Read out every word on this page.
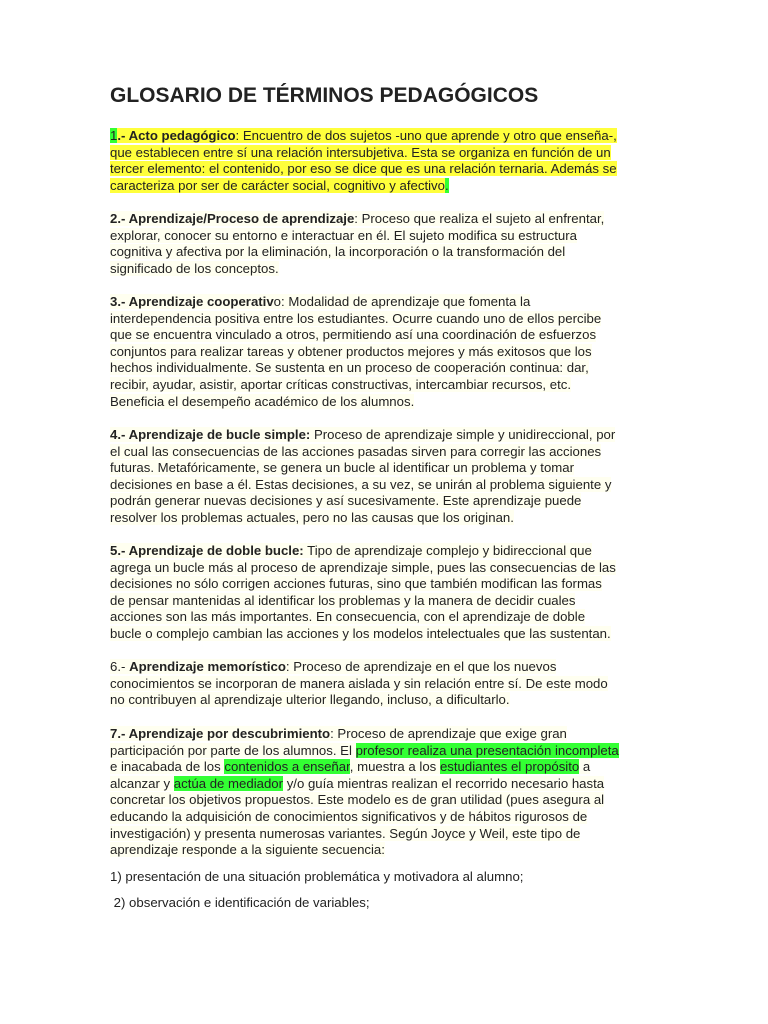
GLOSARIO DE TÉRMINOS PEDAGÓGICOS
1.- Acto pedagógico: Encuentro de dos sujetos -uno que aprende y otro que enseña-,
que establecen entre sí una relación intersubjetiva. Esta se organiza en función de un
tercer elemento: el contenido, por eso se dice que es una relación ternaria. Además se
caracteriza por ser de carácter social, cognitivo y afectivo.
2.- Aprendizaje/Proceso de aprendizaje: Proceso que realiza el sujeto al enfrentar,
explorar, conocer su entorno e interactuar en él. El sujeto modifica su estructura
cognitiva y afectiva por la eliminación, la incorporación o la transformación del
significado de los conceptos.
3.- Aprendizaje cooperativo: Modalidad de aprendizaje que fomenta la
interdependencia positiva entre los estudiantes. Ocurre cuando uno de ellos percibe
que se encuentra vinculado a otros, permitiendo así una coordinación de esfuerzos
conjuntos para realizar tareas y obtener productos mejores y más exitosos que los
hechos individualmente. Se sustenta en un proceso de cooperación continua: dar,
recibir, ayudar, asistir, aportar críticas constructivas, intercambiar recursos, etc.
Beneficia el desempeño académico de los alumnos.
4.- Aprendizaje de bucle simple: Proceso de aprendizaje simple y unidireccional, por
el cual las consecuencias de las acciones pasadas sirven para corregir las acciones
futuras. Metafóricamente, se genera un bucle al identificar un problema y tomar
decisiones en base a él. Estas decisiones, a su vez, se unirán al problema siguiente y
podrán generar nuevas decisiones y así sucesivamente. Este aprendizaje puede
resolver los problemas actuales, pero no las causas que los originan.
5.- Aprendizaje de doble bucle: Tipo de aprendizaje complejo y bidireccional que
agrega un bucle más al proceso de aprendizaje simple, pues las consecuencias de las
decisiones no sólo corrigen acciones futuras, sino que también modifican las formas
de pensar mantenidas al identificar los problemas y la manera de decidir cuales
acciones son las más importantes. En consecuencia, con el aprendizaje de doble
bucle o complejo cambian las acciones y los modelos intelectuales que las sustentan.
6.- Aprendizaje memorístico: Proceso de aprendizaje en el que los nuevos
conocimientos se incorporan de manera aislada y sin relación entre sí. De este modo
no contribuyen al aprendizaje ulterior llegando, incluso, a dificultarlo.
7.- Aprendizaje por descubrimiento: Proceso de aprendizaje que exige gran
participación por parte de los alumnos. El profesor realiza una presentación incompleta
e inacabada de los contenidos a enseñar, muestra a los estudiantes el propósito a
alcanzar y actúa de mediador y/o guía mientras realizan el recorrido necesario hasta
concretar los objetivos propuestos. Este modelo es de gran utilidad (pues asegura al
educando la adquisición de conocimientos significativos y de hábitos rigurosos de
investigación) y presenta numerosas variantes. Según Joyce y Weil, este tipo de
aprendizaje responde a la siguiente secuencia:
1) presentación de una situación problemática y motivadora al alumno;
2) observación e identificación de variables;
